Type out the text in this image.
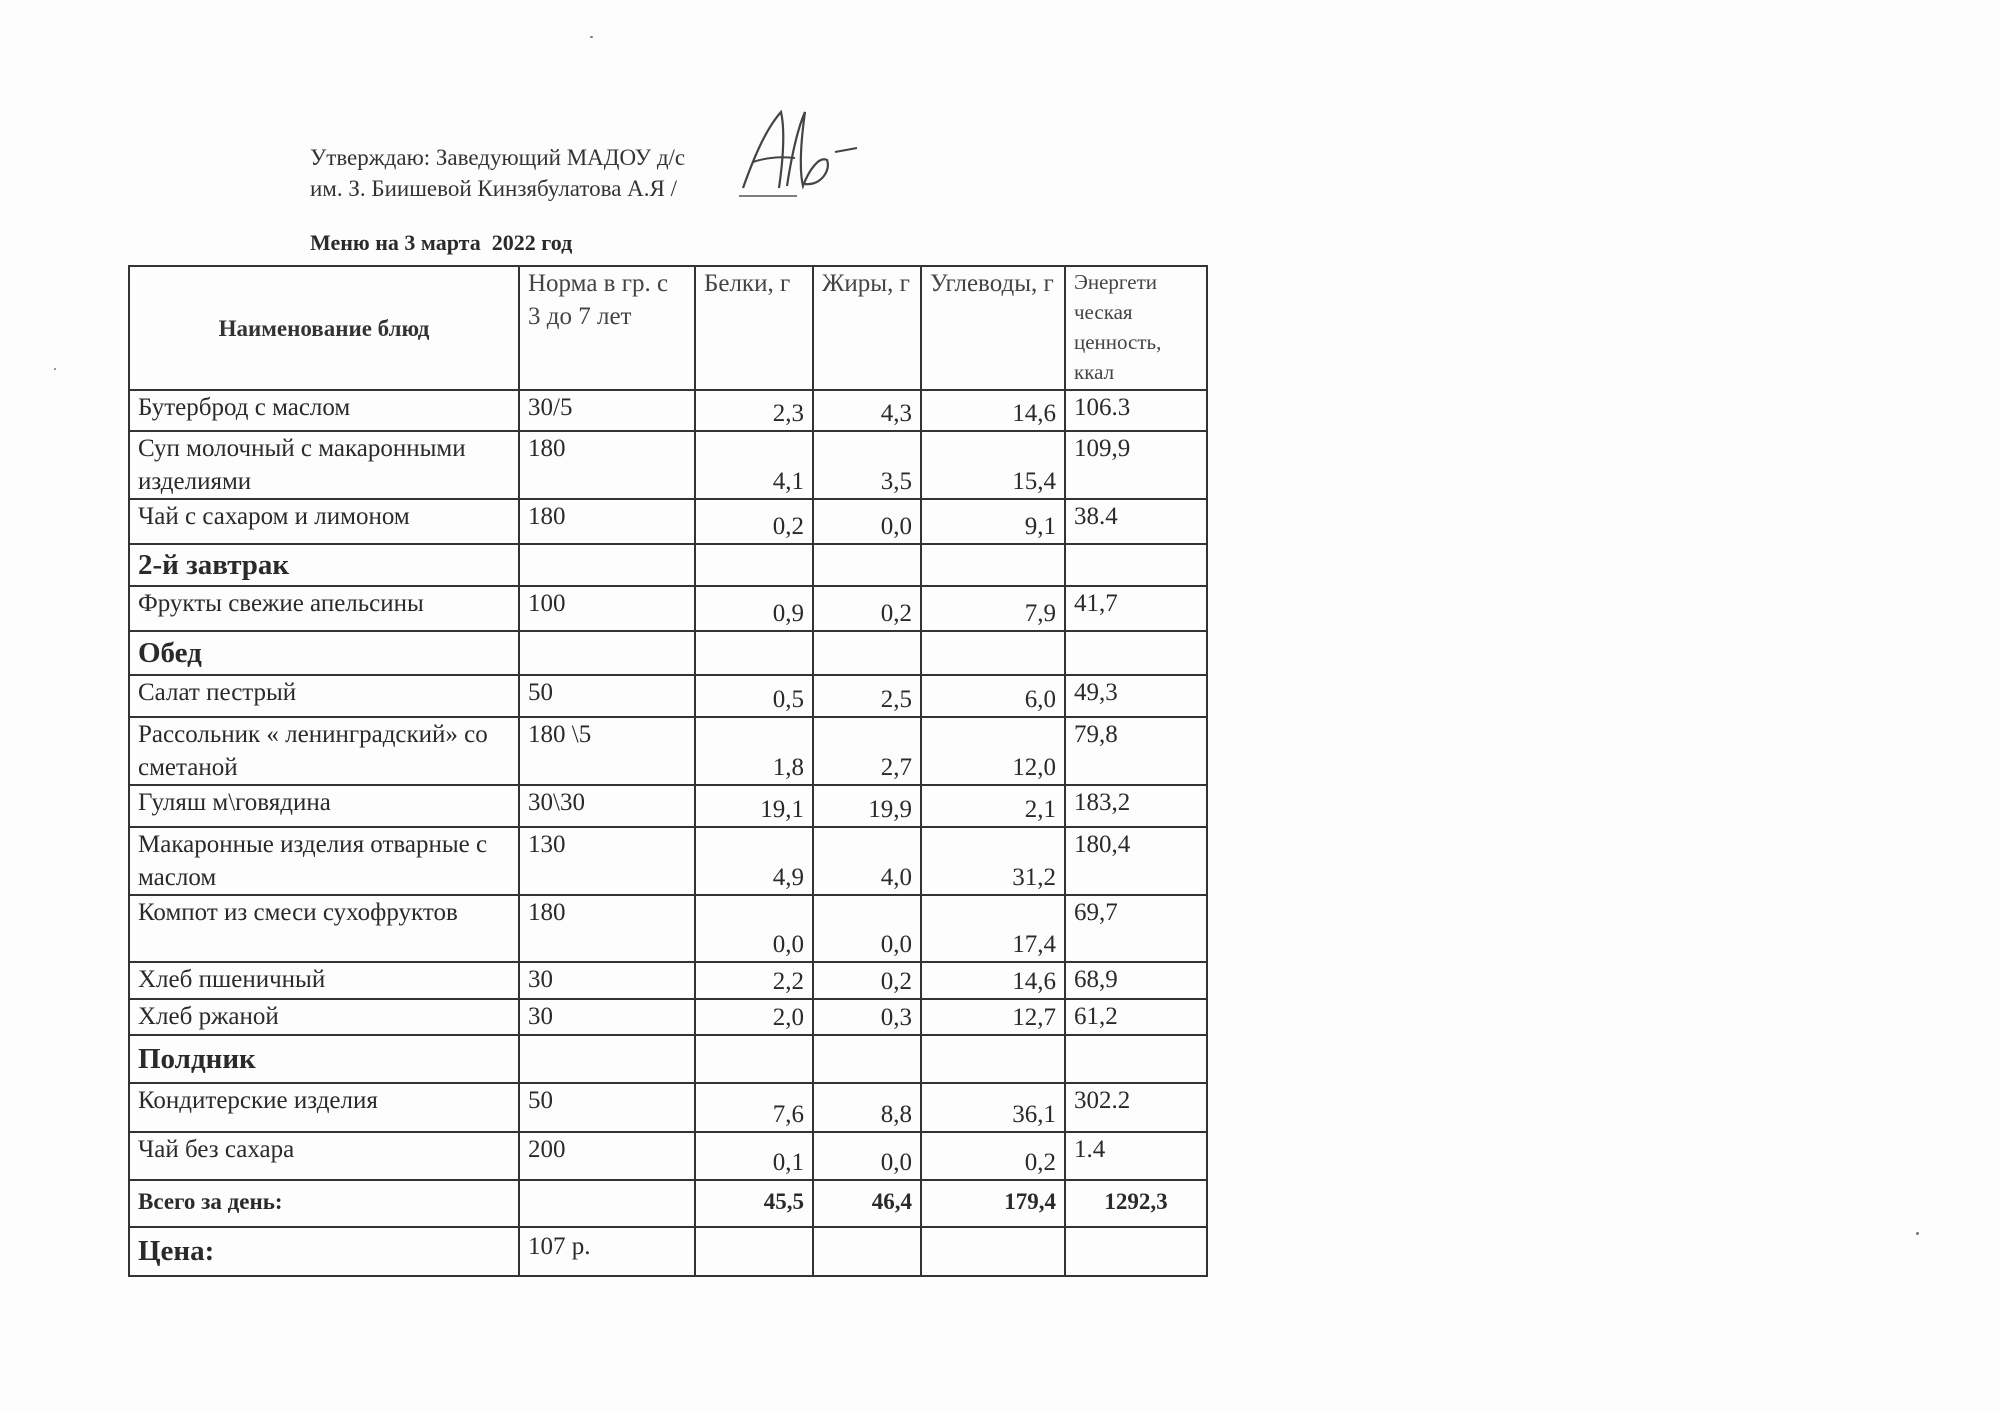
Утверждаю: Заведующий МАДОУ д/с
им. З. Биишевой Кинзябулатова А.Я /
Меню на 3 марта  2022 год
Наименование блюд	Норма в гр. с 3 до 7 лет	Белки, г	Жиры, г	Углеводы, г	Энергети ческая ценность, ккал
Бутерброд с маслом	30/5	2,3	4,3	14,6	106.3
Суп молочный с макаронными изделиями	180	4,1	3,5	15,4	109,9
Чай с сахаром и лимоном	180	0,2	0,0	9,1	38.4
2-й завтрак					
Фрукты свежие апельсины	100	0,9	0,2	7,9	41,7
Обед					
Салат пестрый	50	0,5	2,5	6,0	49,3
Рассольник « ленинградский» со сметаной	180 \5	1,8	2,7	12,0	79,8
Гуляш м\говядина	30\30	19,1	19,9	2,1	183,2
Макаронные изделия отварные с маслом	130	4,9	4,0	31,2	180,4
Компот из смеси сухофруктов	180	0,0	0,0	17,4	69,7
Хлеб пшеничный	30	2,2	0,2	14,6	68,9
Хлеб ржаной	30	2,0	0,3	12,7	61,2
Полдник					
Кондитерские изделия	50	7,6	8,8	36,1	302.2
Чай без сахара	200	0,1	0,0	0,2	1.4
Всего за день:		45,5	46,4	179,4	1292,3
Цена:	107 р.				
